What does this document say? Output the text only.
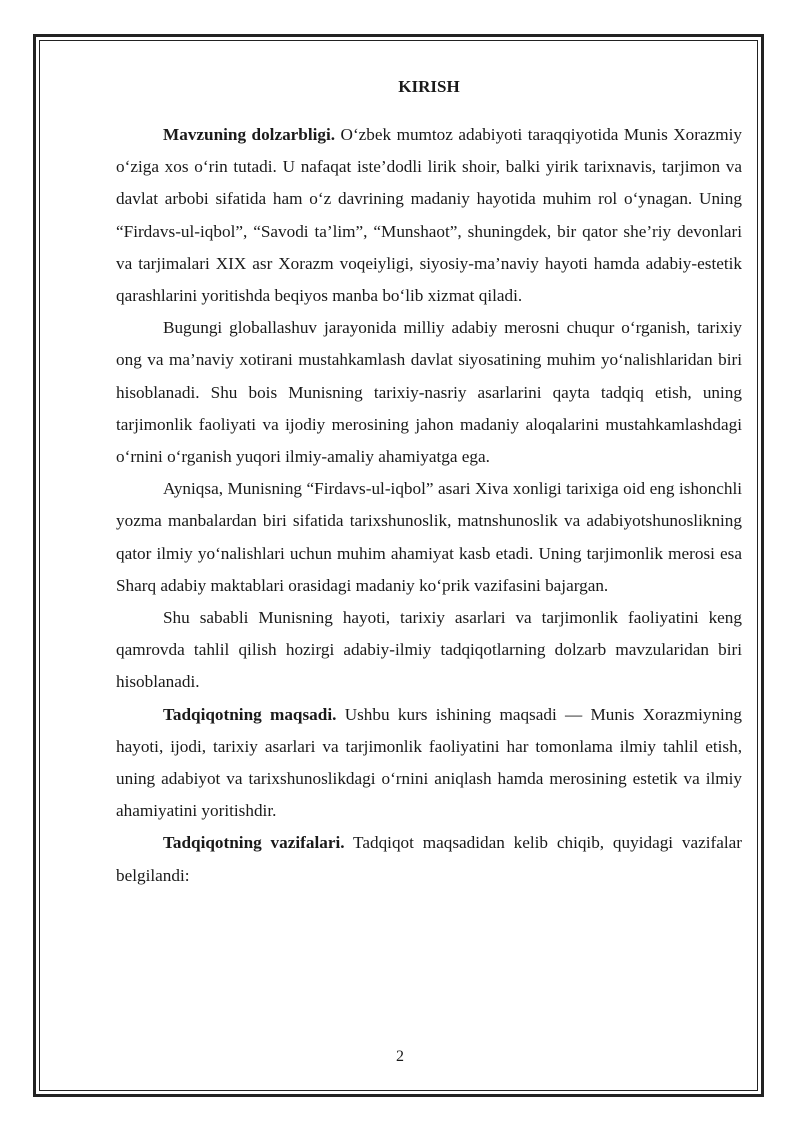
KIRISH

Mavzuning dolzarbligi. O‘zbek mumtoz adabiyoti taraqqiyotida Munis Xorazmiy o‘ziga xos o‘rin tutadi. U nafaqat iste’dodli lirik shoir, balki yirik tarixnavis, tarjimon va davlat arbobi sifatida ham o‘z davrining madaniy hayotida muhim rol o‘ynagan. Uning “Firdavs-ul-iqbol”, “Savodi ta’lim”, “Munshaot”, shuningdek, bir qator she’riy devonlari va tarjimalari XIX asr Xorazm voqeiyligi, siyosiy-ma’naviy hayoti hamda adabiy-estetik qarashlarini yoritishda beqiyos manba bo‘lib xizmat qiladi.

Bugungi globallashuv jarayonida milliy adabiy merosni chuqur o‘rganish, tarixiy ong va ma’naviy xotirani mustahkamlash davlat siyosatining muhim yo‘nalishlaridan biri hisoblanadi. Shu bois Munisning tarixiy-nasriy asarlarini qayta tadqiq etish, uning tarjimonlik faoliyati va ijodiy merosining jahon madaniy aloqalarini mustahkamlashdagi o‘rnini o‘rganish yuqori ilmiy-amaliy ahamiyatga ega.

Ayniqsa, Munisning “Firdavs-ul-iqbol” asari Xiva xonligi tarixiga oid eng ishonchli yozma manbalardan biri sifatida tarixshunoslik, matnshunoslik va adabiyotshunoslikning qator ilmiy yo‘nalishlari uchun muhim ahamiyat kasb etadi. Uning tarjimonlik merosi esa Sharq adabiy maktablari orasidagi madaniy ko‘prik vazifasini bajargan.

Shu sababli Munisning hayoti, tarixiy asarlari va tarjimonlik faoliyatini keng qamrovda tahlil qilish hozirgi adabiy-ilmiy tadqiqotlarning dolzarb mavzularidan biri hisoblanadi.

Tadqiqotning maqsadi. Ushbu kurs ishining maqsadi — Munis Xorazmiyning hayoti, ijodi, tarixiy asarlari va tarjimonlik faoliyatini har tomonlama ilmiy tahlil etish, uning adabiyot va tarixshunoslikdagi o‘rnini aniqlash hamda merosining estetik va ilmiy ahamiyatini yoritishdir.

Tadqiqotning vazifalari. Tadqiqot maqsadidan kelib chiqib, quyidagi vazifalar belgilandi:

2
